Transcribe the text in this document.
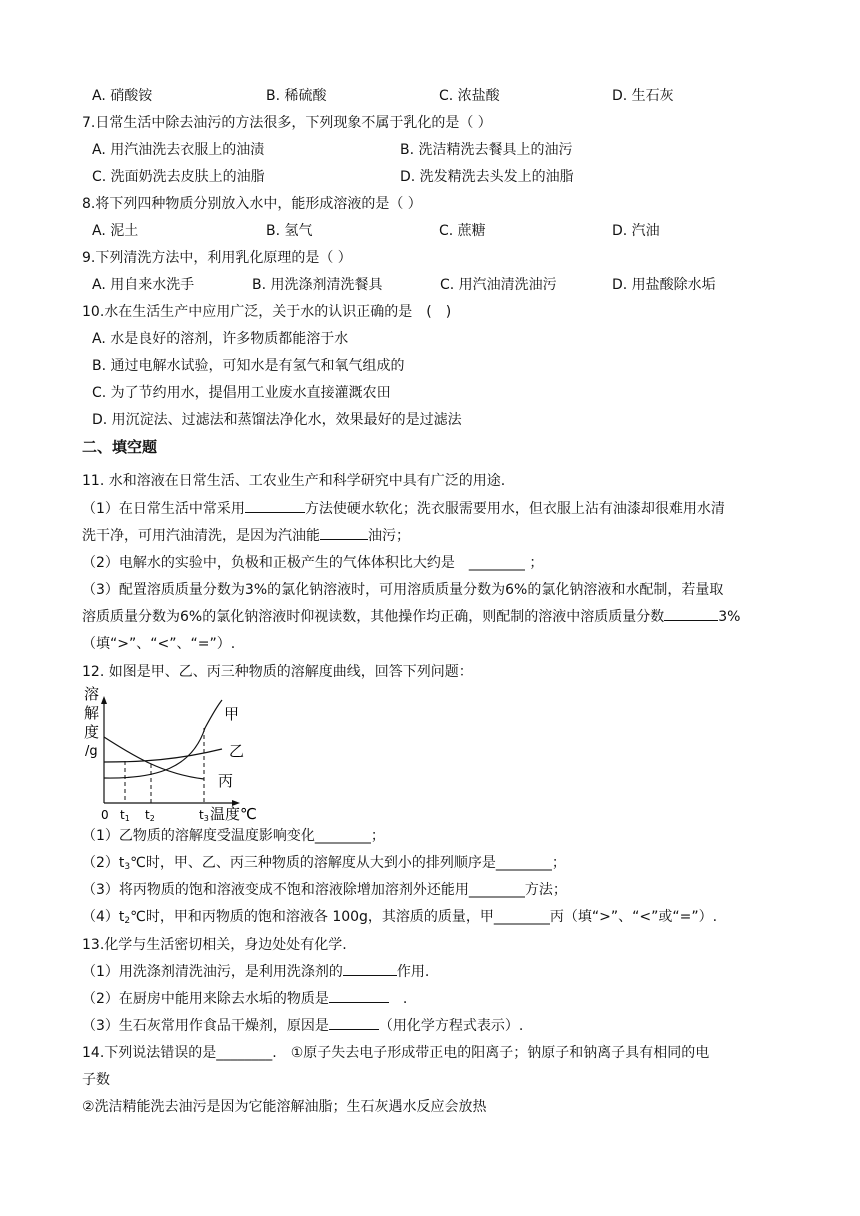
A. 硝酸铵	B. 稀硫酸	C. 浓盐酸	D. 生石灰
7.日常生活中除去油污的方法很多，下列现象不属于乳化的是（ ）
A. 用汽油洗去衣服上的油渍	B. 洗洁精洗去餐具上的油污
C. 洗面奶洗去皮肤上的油脂	D. 洗发精洗去头发上的油脂
8.将下列四种物质分别放入水中，能形成溶液的是（ ）
A. 泥土	B. 氢气	C. 蔗糖	D. 汽油
9.下列清洗方法中，利用乳化原理的是（ ）
A. 用自来水洗手	B. 用洗涤剂清洗餐具	C. 用汽油清洗油污	D. 用盐酸除水垢
10.水在生活生产中应用广泛，关于水的认识正确的是　(　)
A. 水是良好的溶剂，许多物质都能溶于水
B. 通过电解水试验，可知水是有氢气和氧气组成的
C. 为了节约用水，提倡用工业废水直接灌溉农田
D. 用沉淀法、过滤法和蒸馏法净化水，效果最好的是过滤法
二、填空题
11. 水和溶液在日常生活、工农业生产和科学研究中具有广泛的用途.
（1）在日常生活中常采用	方法使硬水软化；洗衣服需要用水，但衣服上沾有油漆却很难用水清
洗干净，可用汽油清洗，是因为汽油能	油污；
（2）电解水的实验中，负极和正极产生的气体体积比大约是　________ ；
（3）配置溶质质量分数为3%的氯化钠溶液时，可用溶质质量分数为6%的氯化钠溶液和水配制，若量取
溶质质量分数为6%的氯化钠溶液时仰视读数，其他操作均正确，则配制的溶液中溶质质量分数	3%
（填“>”、“<”、“=”）.
12. 如图是甲、乙、丙三种物质的溶解度曲线，回答下列问题：
溶
解
度
/g
甲
乙
丙
0 t1 t2	t3 温度℃
（1）乙物质的溶解度受温度影响变化________；
$(2)t_3℃$时，甲、乙、丙三种物质的溶解度从大到小的排列顺序是________；
（3）将丙物质的饱和溶液变成不饱和溶液除增加溶剂外还能用________方法；
$(4)t_2℃$时，甲和丙物质的饱和溶液各 100g，其溶质的质量，甲________丙（填“>”、“<”或“=”）.
13.化学与生活密切相关，身边处处有化学.
（1）用洗涤剂清洗油污，是利用洗涤剂的	作用.
（2）在厨房中能用来除去水垢的物质是	　.
（3）生石灰常用作食品干燥剂，原因是	（用化学方程式表示）.
14.下列说法错误的是________.　①原子失去电子形成带正电的阳离子；钠原子和钠离子具有相同的电
子数
②洗洁精能洗去油污是因为它能溶解油脂；生石灰遇水反应会放热
